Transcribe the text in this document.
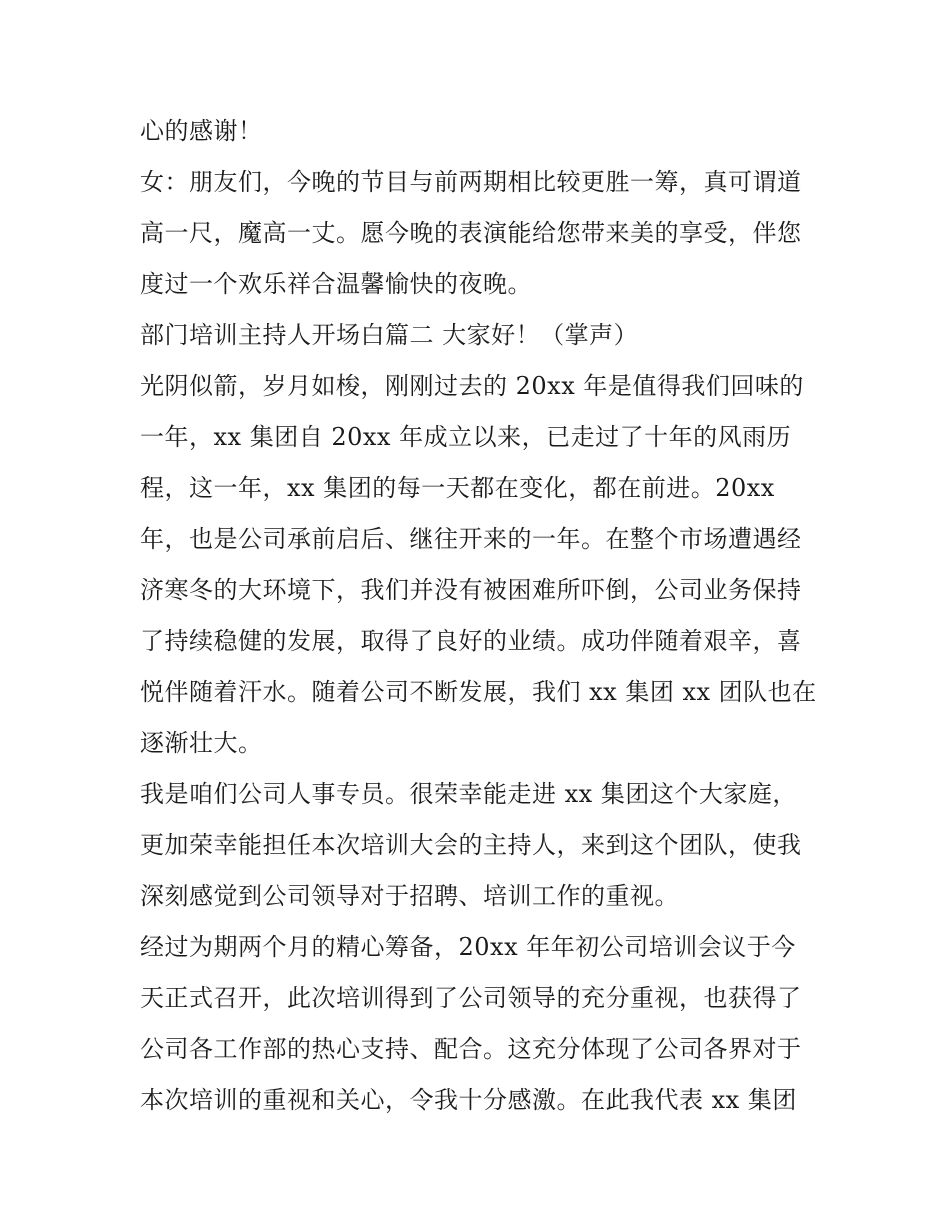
心的感谢！
女：朋友们，今晚的节目与前两期相比较更胜一筹，真可谓道
高一尺，魔高一丈。愿今晚的表演能给您带来美的享受，伴您
度过一个欢乐祥合温馨愉快的夜晚。
部门培训主持人开场白篇二 大家好！（掌声）
光阴似箭，岁月如梭，刚刚过去的 20xx 年是值得我们回味的
一年，xx 集团自 20xx 年成立以来，已走过了十年的风雨历
程，这一年，xx 集团的每一天都在变化，都在前进。20xx
年，也是公司承前启后、继往开来的一年。在整个市场遭遇经
济寒冬的大环境下，我们并没有被困难所吓倒，公司业务保持
了持续稳健的发展，取得了良好的业绩。成功伴随着艰辛，喜
悦伴随着汗水。随着公司不断发展，我们 xx 集团 xx 团队也在
逐渐壮大。
我是咱们公司人事专员。很荣幸能走进 xx 集团这个大家庭，
更加荣幸能担任本次培训大会的主持人，来到这个团队，使我
深刻感觉到公司领导对于招聘、培训工作的重视。
经过为期两个月的精心筹备，20xx 年年初公司培训会议于今
天正式召开，此次培训得到了公司领导的充分重视，也获得了
公司各工作部的热心支持、配合。这充分体现了公司各界对于
本次培训的重视和关心，令我十分感激。在此我代表 xx 集团
